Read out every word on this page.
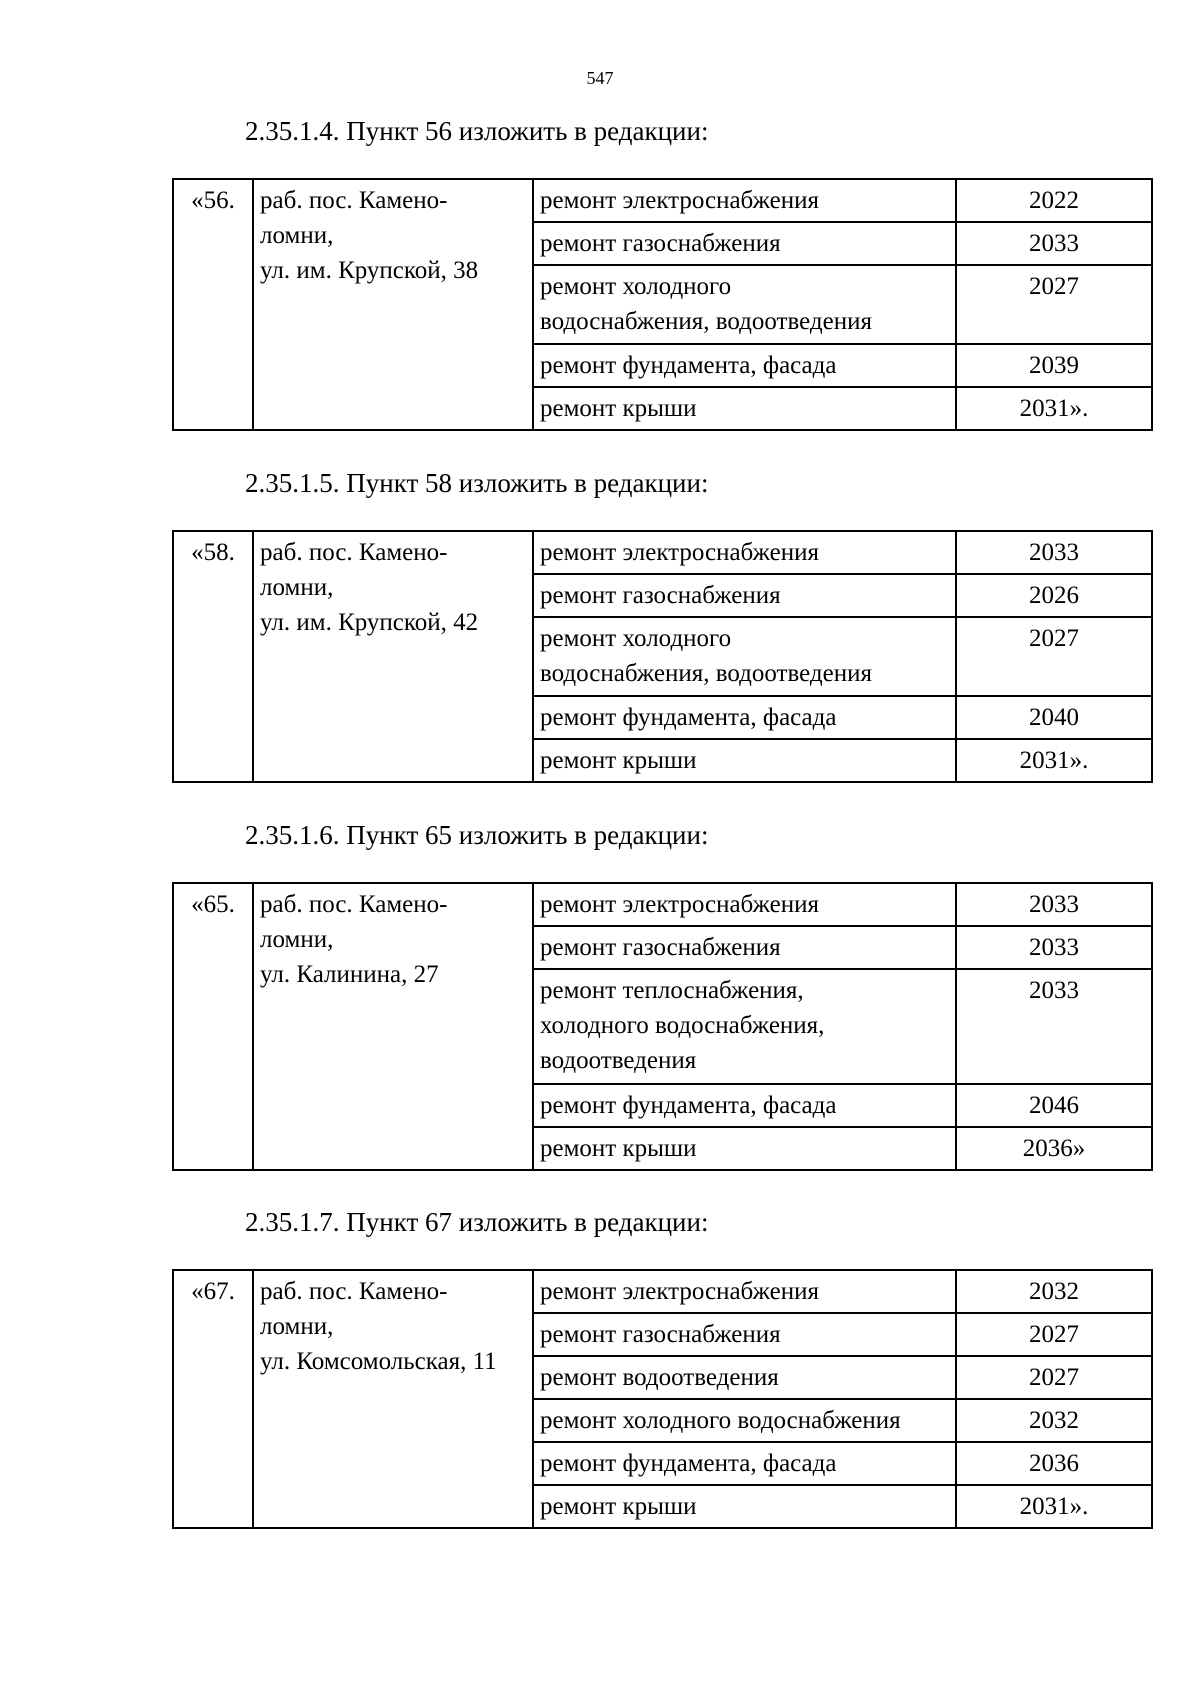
547
2.35.1.4. Пункт 56 изложить в редакции:
«56.	раб. пос. Камено-
ломни,
ул. им. Крупской, 38	ремонт электроснабжения	2022

		ремонт газоснабжения	2033

		ремонт холодного
водоснабжения, водоотведения	2027

		ремонт фундамента, фасада	2039

		ремонт крыши	2031».
2.35.1.5. Пункт 58 изложить в редакции:
«58.	раб. пос. Камено-
ломни,
ул. им. Крупской, 42	ремонт электроснабжения	2033

		ремонт газоснабжения	2026

		ремонт холодного
водоснабжения, водоотведения	2027

		ремонт фундамента, фасада	2040

		ремонт крыши	2031».
2.35.1.6. Пункт 65 изложить в редакции:
«65.	раб. пос. Камено-
ломни,
ул. Калинина, 27	ремонт электроснабжения	2033

		ремонт газоснабжения	2033

		ремонт теплоснабжения,
холодного водоснабжения,
водоотведения	2033

		ремонт фундамента, фасада	2046

		ремонт крыши	2036»
2.35.1.7. Пункт 67 изложить в редакции:
«67.	раб. пос. Камено-
ломни,
ул. Комсомольская, 11	ремонт электроснабжения	2032

		ремонт газоснабжения	2027

		ремонт водоотведения	2027

		ремонт холодного водоснабжения	2032

		ремонт фундамента, фасада	2036

		ремонт крыши	2031».
